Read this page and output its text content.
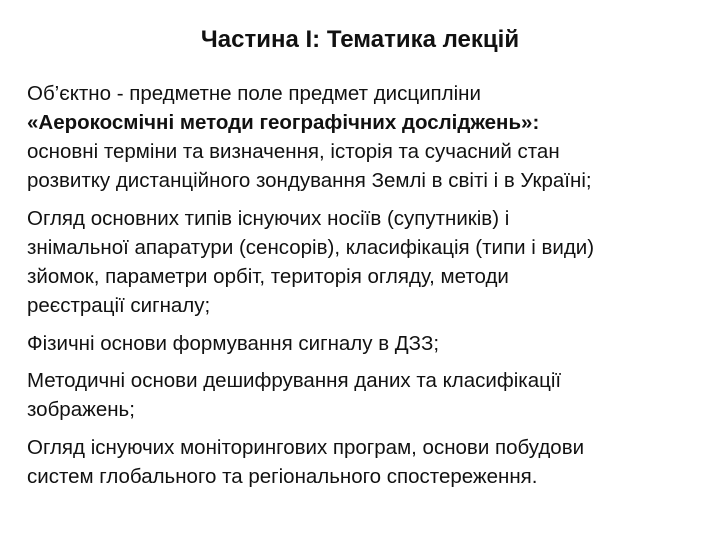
Частина І: Тематика лекцій
Об’єктно - предметне поле предмет дисципліни
«Аерокосмічні методи географічних досліджень»:
основні терміни та визначення, історія та сучасний стан
розвитку дистанційного зондування Землі в світі і в Україні;
Огляд основних типів існуючих носіїв (супутників) і
знімальної апаратури (сенсорів), класифікація (типи і види)
зйомок, параметри орбіт, територія огляду, методи
реєстрації сигналу;
Фізичні основи формування сигналу в ДЗЗ;
Методичні основи дешифрування даних та класифікації
зображень;
Огляд існуючих моніторингових програм, основи побудови
систем глобального та регіонального спостереження.
